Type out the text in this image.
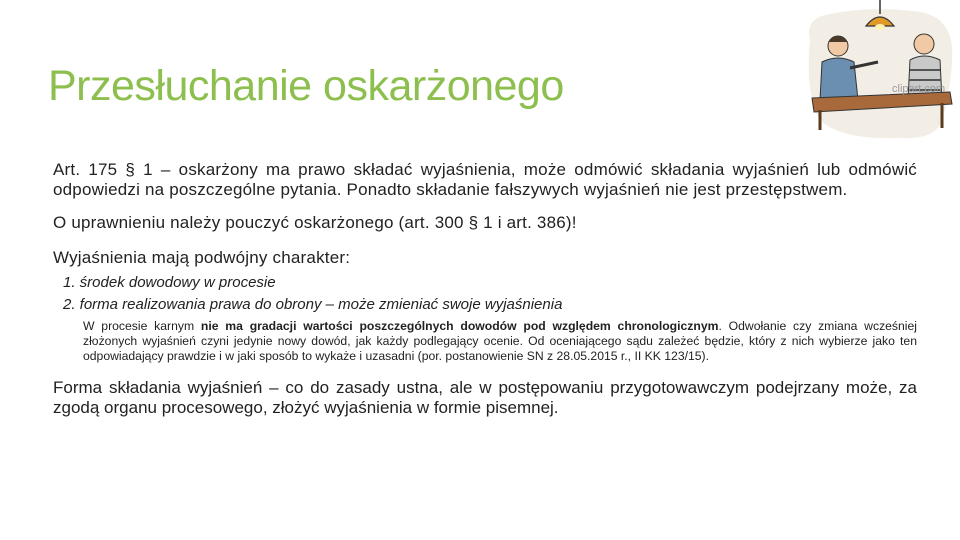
Przesłuchanie oskarżonego	clipart.com

Art. 175 § 1 – oskarżony ma prawo składać wyjaśnienia, może odmówić składania wyjaśnień lub odmówić odpowiedzi na poszczególne pytania. Ponadto składanie fałszywych wyjaśnień nie jest przestępstwem.

O uprawnieniu należy pouczyć oskarżonego (art. 300 § 1 i art. 386)!

Wyjaśnienia mają podwójny charakter:

1. środek dowodowy w procesie
2. forma realizowania prawa do obrony – może zmieniać swoje wyjaśnienia

W procesie karnym nie ma gradacji wartości poszczególnych dowodów pod względem chronologicznym. Odwołanie czy zmiana wcześniej złożonych wyjaśnień czyni jedynie nowy dowód, jak każdy podlegający ocenie. Od oceniającego sądu zależeć będzie, który z nich wybierze jako ten odpowiadający prawdzie i w jaki sposób to wykaże i uzasadni (por. postanowienie SN z 28.05.2015 r., II KK 123/15).

Forma składania wyjaśnień – co do zasady ustna, ale w postępowaniu przygotowawczym podejrzany może, za zgodą organu procesowego, złożyć wyjaśnienia w formie pisemnej.
